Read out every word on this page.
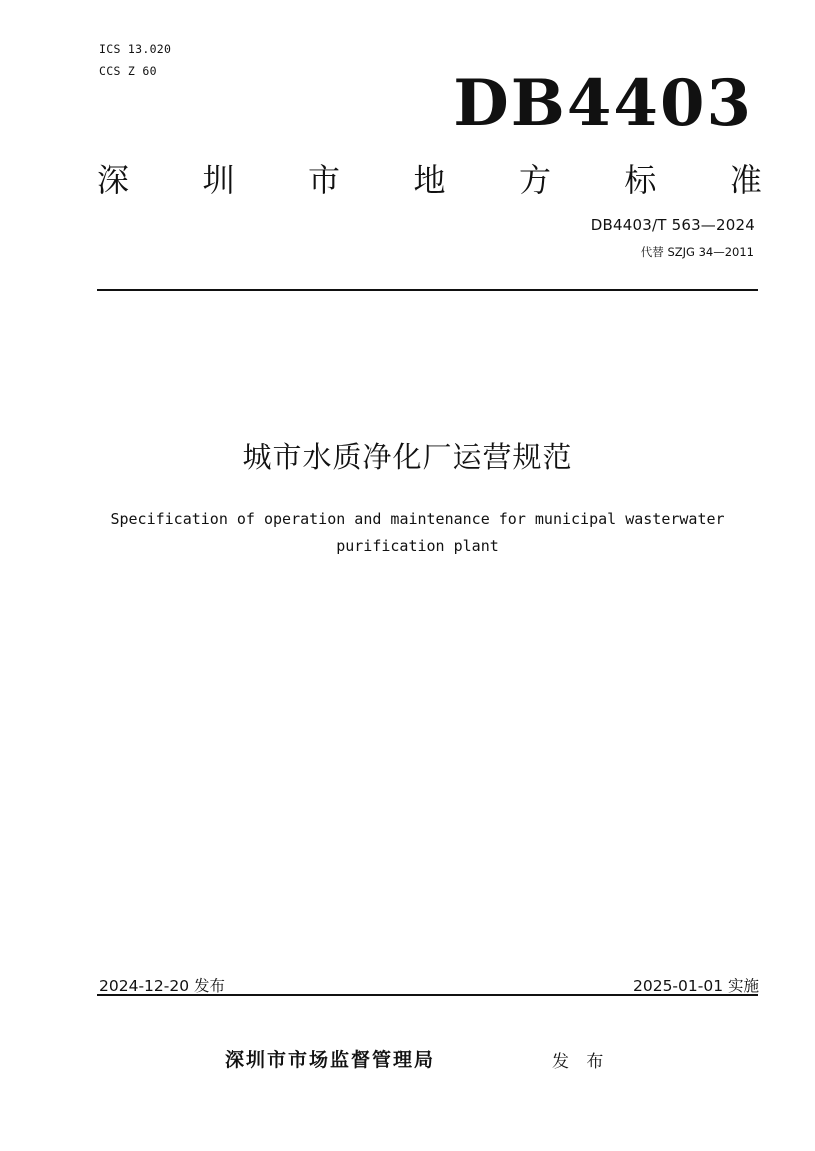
ICS 13.020
CCS Z 60	DB4403
深 圳 市 地 方 标 准
DB4403/T 563—2024
代替 SZJG 34—2011
城市水质净化厂运营规范
Specification of operation and maintenance for municipal wasterwater purification plant
2024-12-20 发布	2025-01-01 实施
深圳市市场监督管理局	发 布
